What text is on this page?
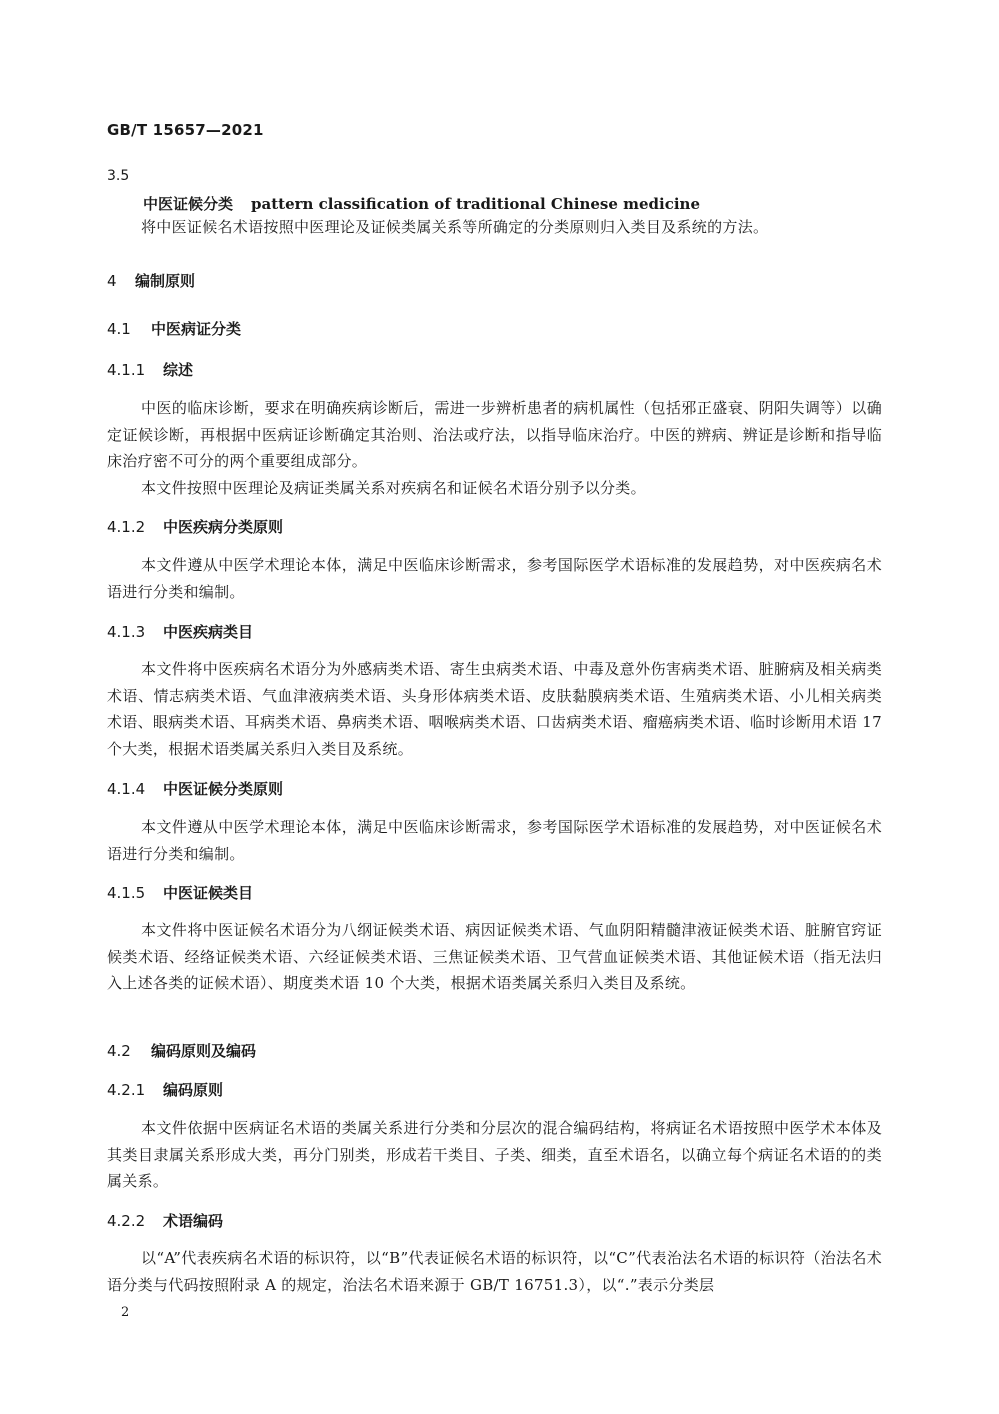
GB/T 15657—2021
3.5
中医证候分类 pattern classification of traditional Chinese medicine
将中医证候名术语按照中医理论及证候类属关系等所确定的分类原则归入类目及系统的方法。
4 编制原则
4.1 中医病证分类
4.1.1 综述
中医的临床诊断，要求在明确疾病诊断后，需进一步辨析患者的病机属性（包括邪正盛衰、阴阳失调等）以确定证候诊断，再根据中医病证诊断确定其治则、治法或疗法，以指导临床治疗。中医的辨病、辨证是诊断和指导临床治疗密不可分的两个重要组成部分。
本文件按照中医理论及病证类属关系对疾病名和证候名术语分别予以分类。
4.1.2 中医疾病分类原则
本文件遵从中医学术理论本体，满足中医临床诊断需求，参考国际医学术语标准的发展趋势，对中医疾病名术语进行分类和编制。
4.1.3 中医疾病类目
本文件将中医疾病名术语分为外感病类术语、寄生虫病类术语、中毒及意外伤害病类术语、脏腑病及相关病类术语、情志病类术语、气血津液病类术语、头身形体病类术语、皮肤黏膜病类术语、生殖病类术语、小儿相关病类术语、眼病类术语、耳病类术语、鼻病类术语、咽喉病类术语、口齿病类术语、瘤癌病类术语、临时诊断用术语 17 个大类，根据术语类属关系归入类目及系统。
4.1.4 中医证候分类原则
本文件遵从中医学术理论本体，满足中医临床诊断需求，参考国际医学术语标准的发展趋势，对中医证候名术语进行分类和编制。
4.1.5 中医证候类目
本文件将中医证候名术语分为八纲证候类术语、病因证候类术语、气血阴阳精髓津液证候类术语、脏腑官窍证候类术语、经络证候类术语、六经证候类术语、三焦证候类术语、卫气营血证候类术语、其他证候术语（指无法归入上述各类的证候术语）、期度类术语 10 个大类，根据术语类属关系归入类目及系统。
4.2 编码原则及编码
4.2.1 编码原则
本文件依据中医病证名术语的类属关系进行分类和分层次的混合编码结构，将病证名术语按照中医学术本体及其类目隶属关系形成大类，再分门别类，形成若干类目、子类、细类，直至术语名，以确立每个病证名术语的的类属关系。
4.2.2 术语编码
以“A”代表疾病名术语的标识符，以“B”代表证候名术语的标识符，以“C”代表治法名术语的标识符（治法名术语分类与代码按照附录 A 的规定，治法名术语来源于 GB/T 16751.3），以“.”表示分类层
2
